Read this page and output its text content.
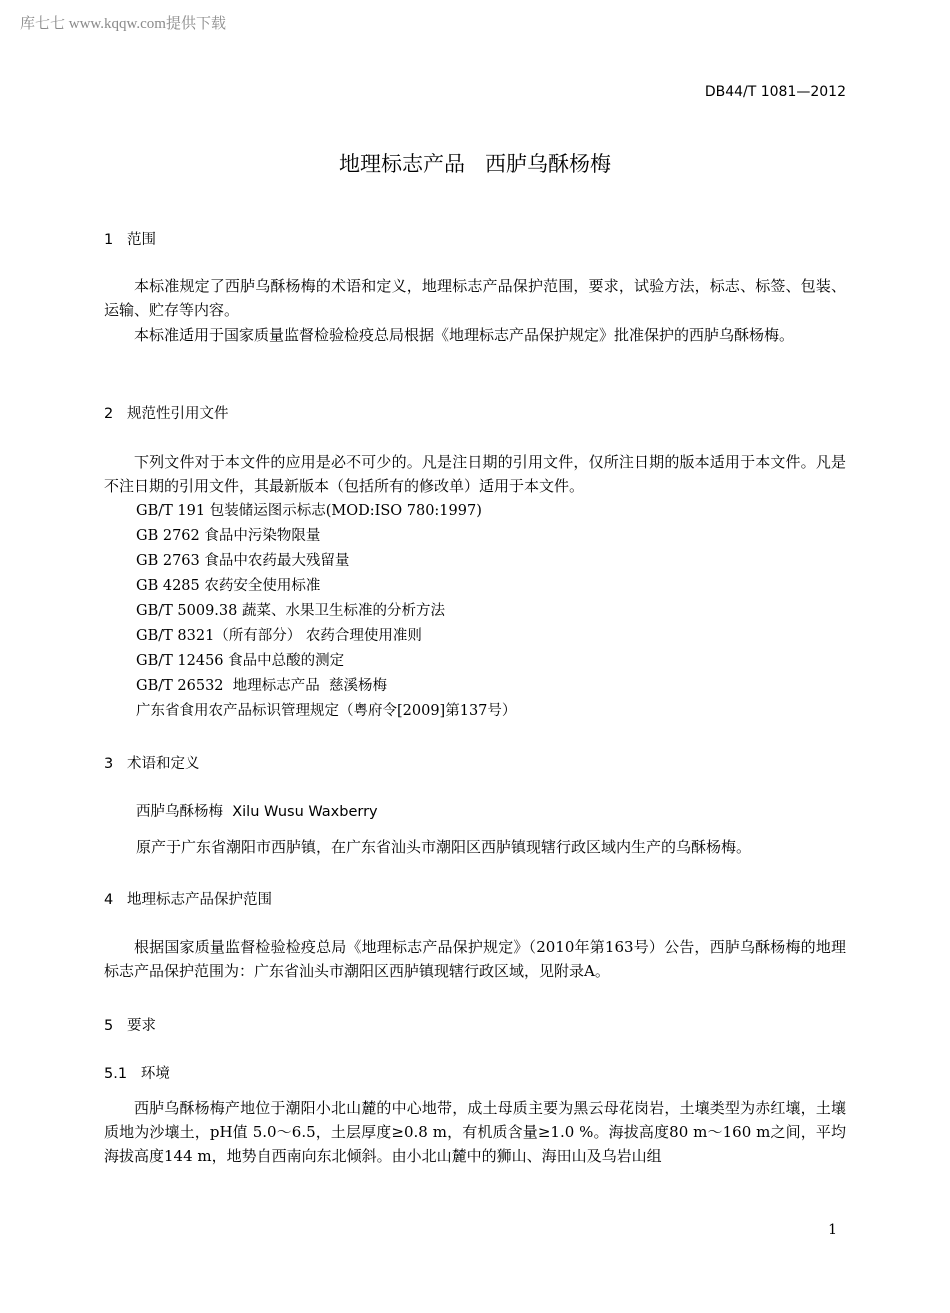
库七七 www.kqqw.com提供下载
DB44/T 1081—2012
地理标志产品   西胪乌酥杨梅
1   范围

本标准规定了西胪乌酥杨梅的术语和定义，地理标志产品保护范围，要求，试验方法，标志、标签、包装、运输、贮存等内容。

本标准适用于国家质量监督检验检疫总局根据《地理标志产品保护规定》批准保护的西胪乌酥杨梅。

2   规范性引用文件

下列文件对于本文件的应用是必不可少的。凡是注日期的引用文件，仅所注日期的版本适用于本文件。凡是不注日期的引用文件，其最新版本（包括所有的修改单）适用于本文件。

GB/T 191 包装储运图示标志(MOD:ISO 780:1997)
GB 2762 食品中污染物限量
GB 2763 食品中农药最大残留量
GB 4285 农药安全使用标准
GB/T 5009.38 蔬菜、水果卫生标准的分析方法
GB/T 8321（所有部分） 农药合理使用准则
GB/T 12456 食品中总酸的测定
GB/T 26532  地理标志产品  慈溪杨梅
广东省食用农产品标识管理规定（粤府令[2009]第137号）
3   术语和定义
西胪乌酥杨梅  Xilu Wusu Waxberry
原产于广东省潮阳市西胪镇，在广东省汕头市潮阳区西胪镇现辖行政区域内生产的乌酥杨梅。
4   地理标志产品保护范围

根据国家质量监督检验检疫总局《地理标志产品保护规定》（2010年第163号）公告，西胪乌酥杨梅的地理标志产品保护范围为：广东省汕头市潮阳区西胪镇现辖行政区域，见附录A。

5   要求
5.1   环境

西胪乌酥杨梅产地位于潮阳小北山麓的中心地带，成土母质主要为黑云母花岗岩，土壤类型为赤红壤，土壤质地为沙壤土，pH值 5.0～6.5，土层厚度≥0.8 m，有机质含量≥1.0 %。海拔高度80 m～160 m之间，平均海拔高度144 m，地势自西南向东北倾斜。由小北山麓中的狮山、海田山及乌岩山组

1
